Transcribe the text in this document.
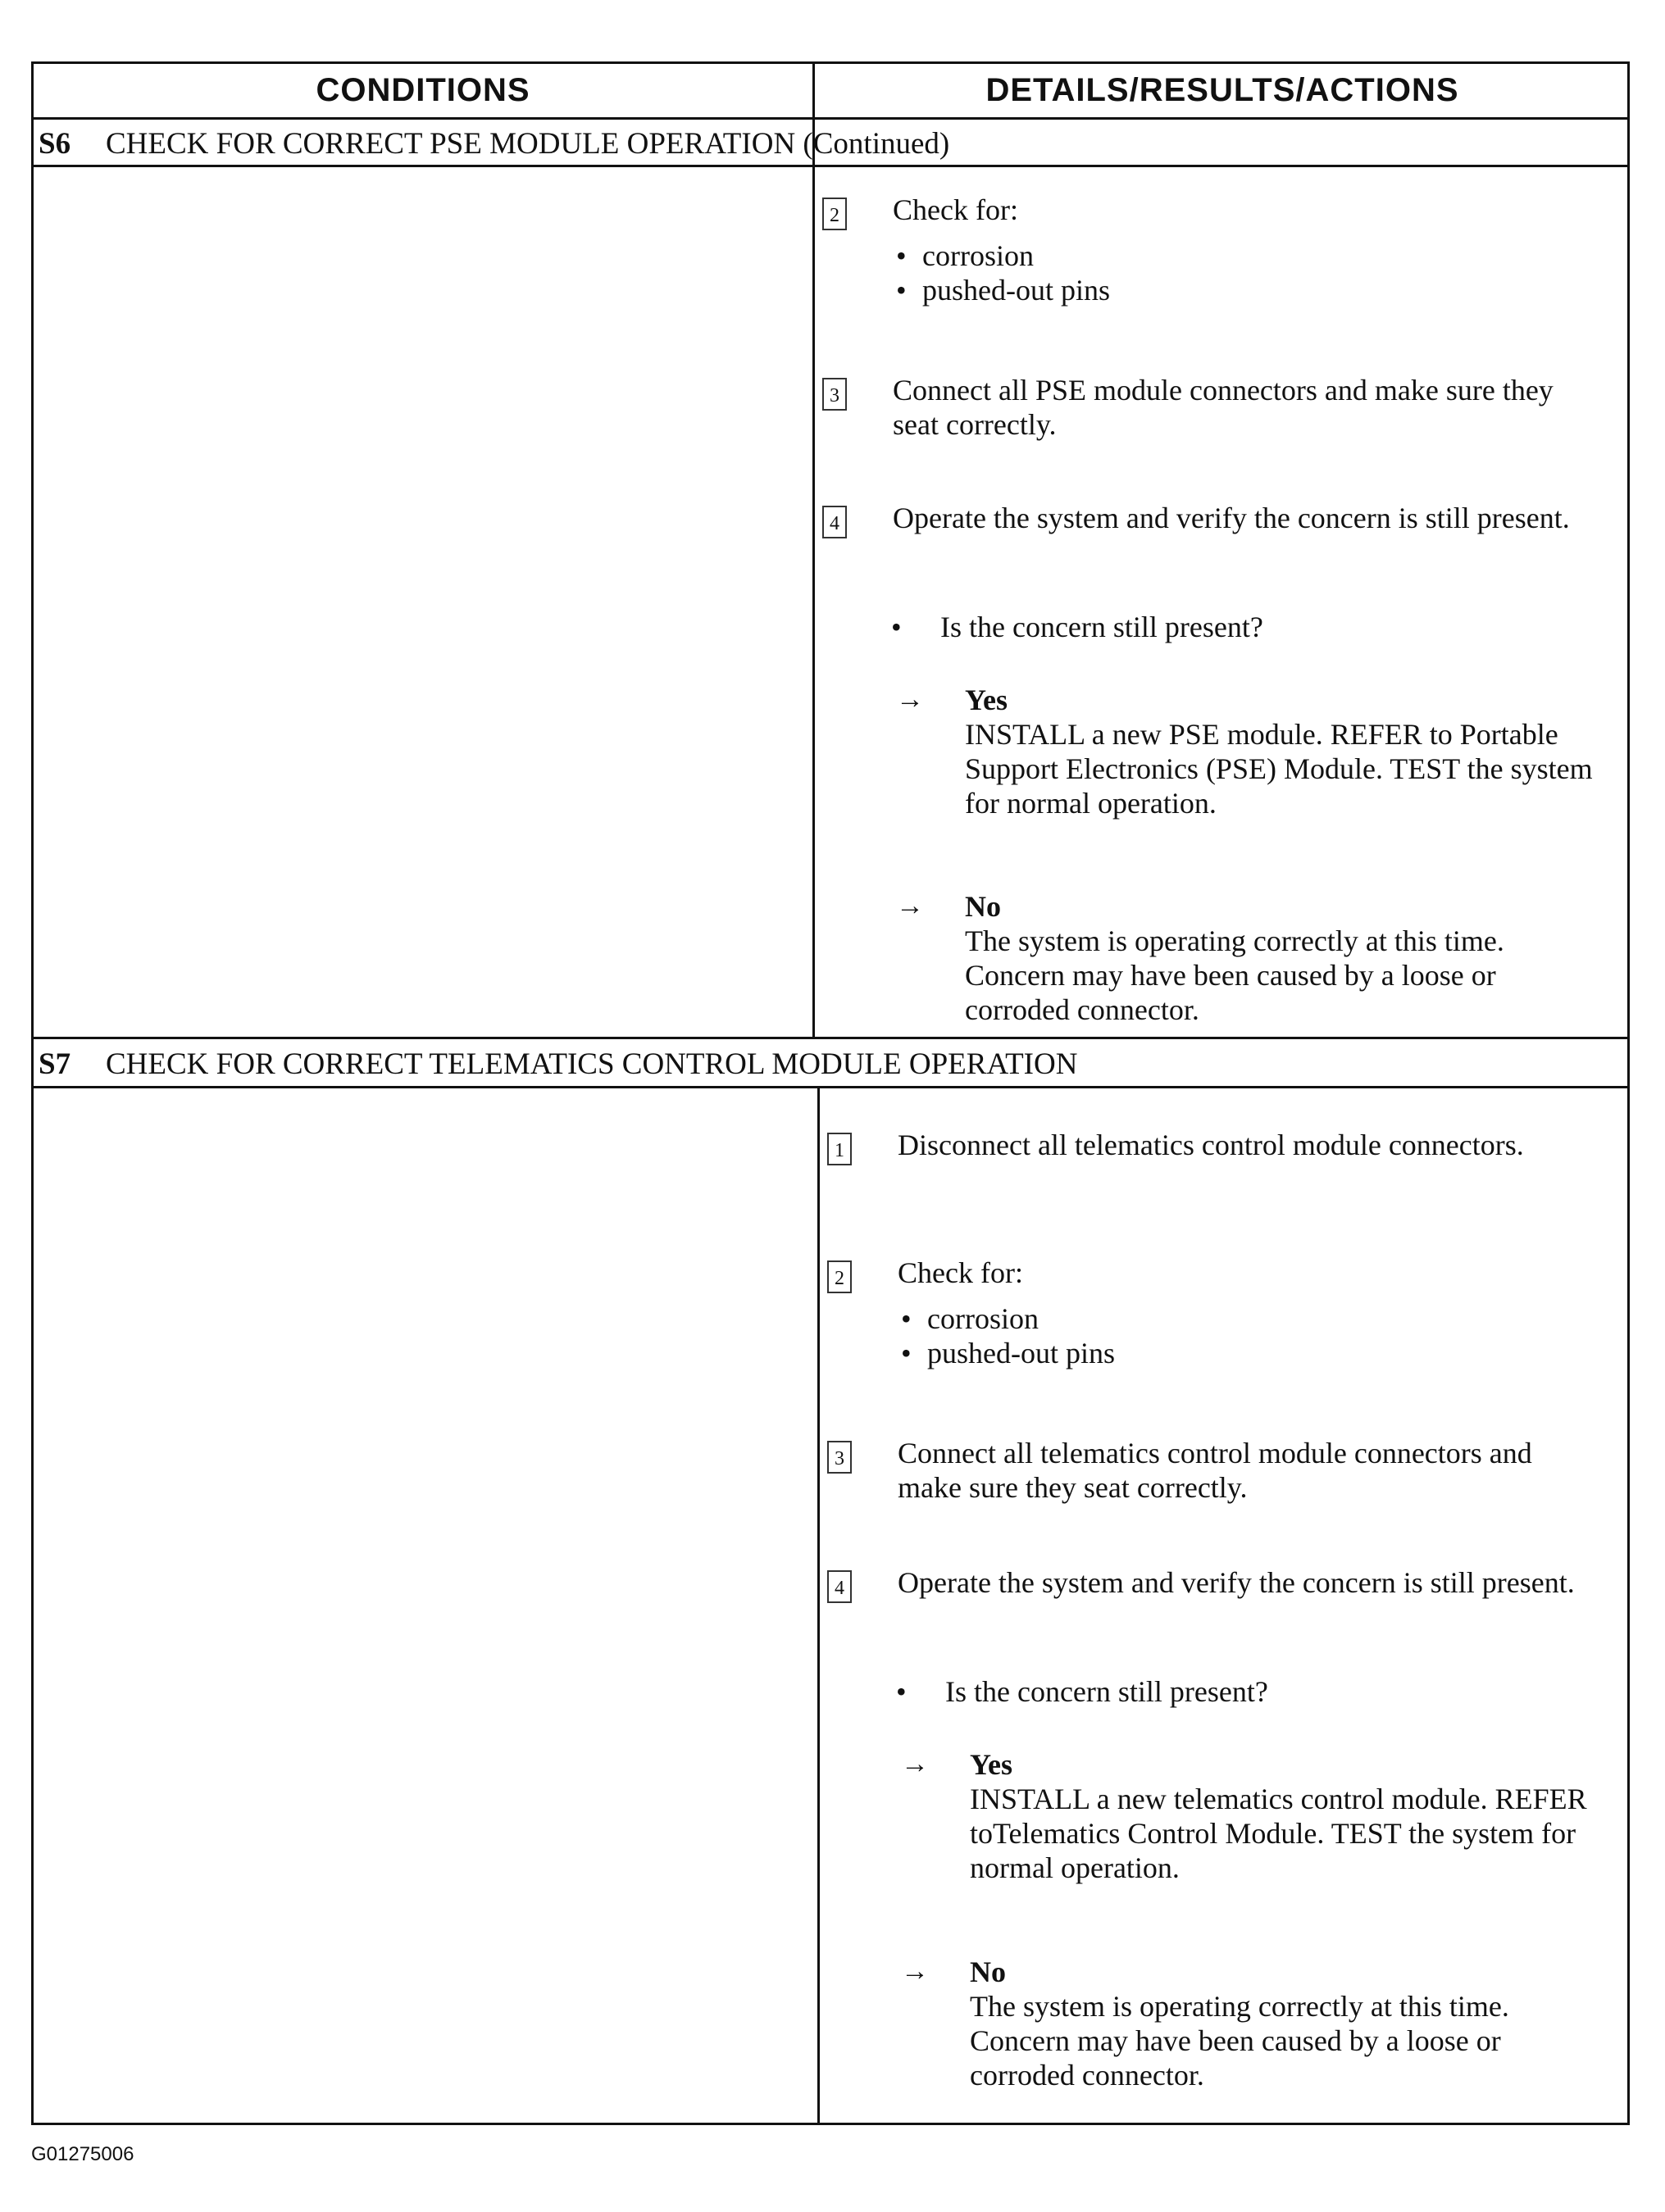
CONDITIONS	DETAILS/RESULTS/ACTIONS
S6 CHECK FOR CORRECT PSE MODULE OPERATION (Continued)
2 Check for:
• corrosion
• pushed-out pins
3 Connect all PSE module connectors and make sure they seat correctly.
4 Operate the system and verify the concern is still present.
• Is the concern still present?
→ Yes
INSTALL a new PSE module. REFER to Portable Support Electronics (PSE) Module. TEST the system for normal operation.
→ No
The system is operating correctly at this time. Concern may have been caused by a loose or corroded connector.
S7 CHECK FOR CORRECT TELEMATICS CONTROL MODULE OPERATION
1 Disconnect all telematics control module connectors.
2 Check for:
• corrosion
• pushed-out pins
3 Connect all telematics control module connectors and make sure they seat correctly.
4 Operate the system and verify the concern is still present.
• Is the concern still present?
→ Yes
INSTALL a new telematics control module. REFER toTelematics Control Module. TEST the system for normal operation.
→ No
The system is operating correctly at this time. Concern may have been caused by a loose or corroded connector.
G01275006
